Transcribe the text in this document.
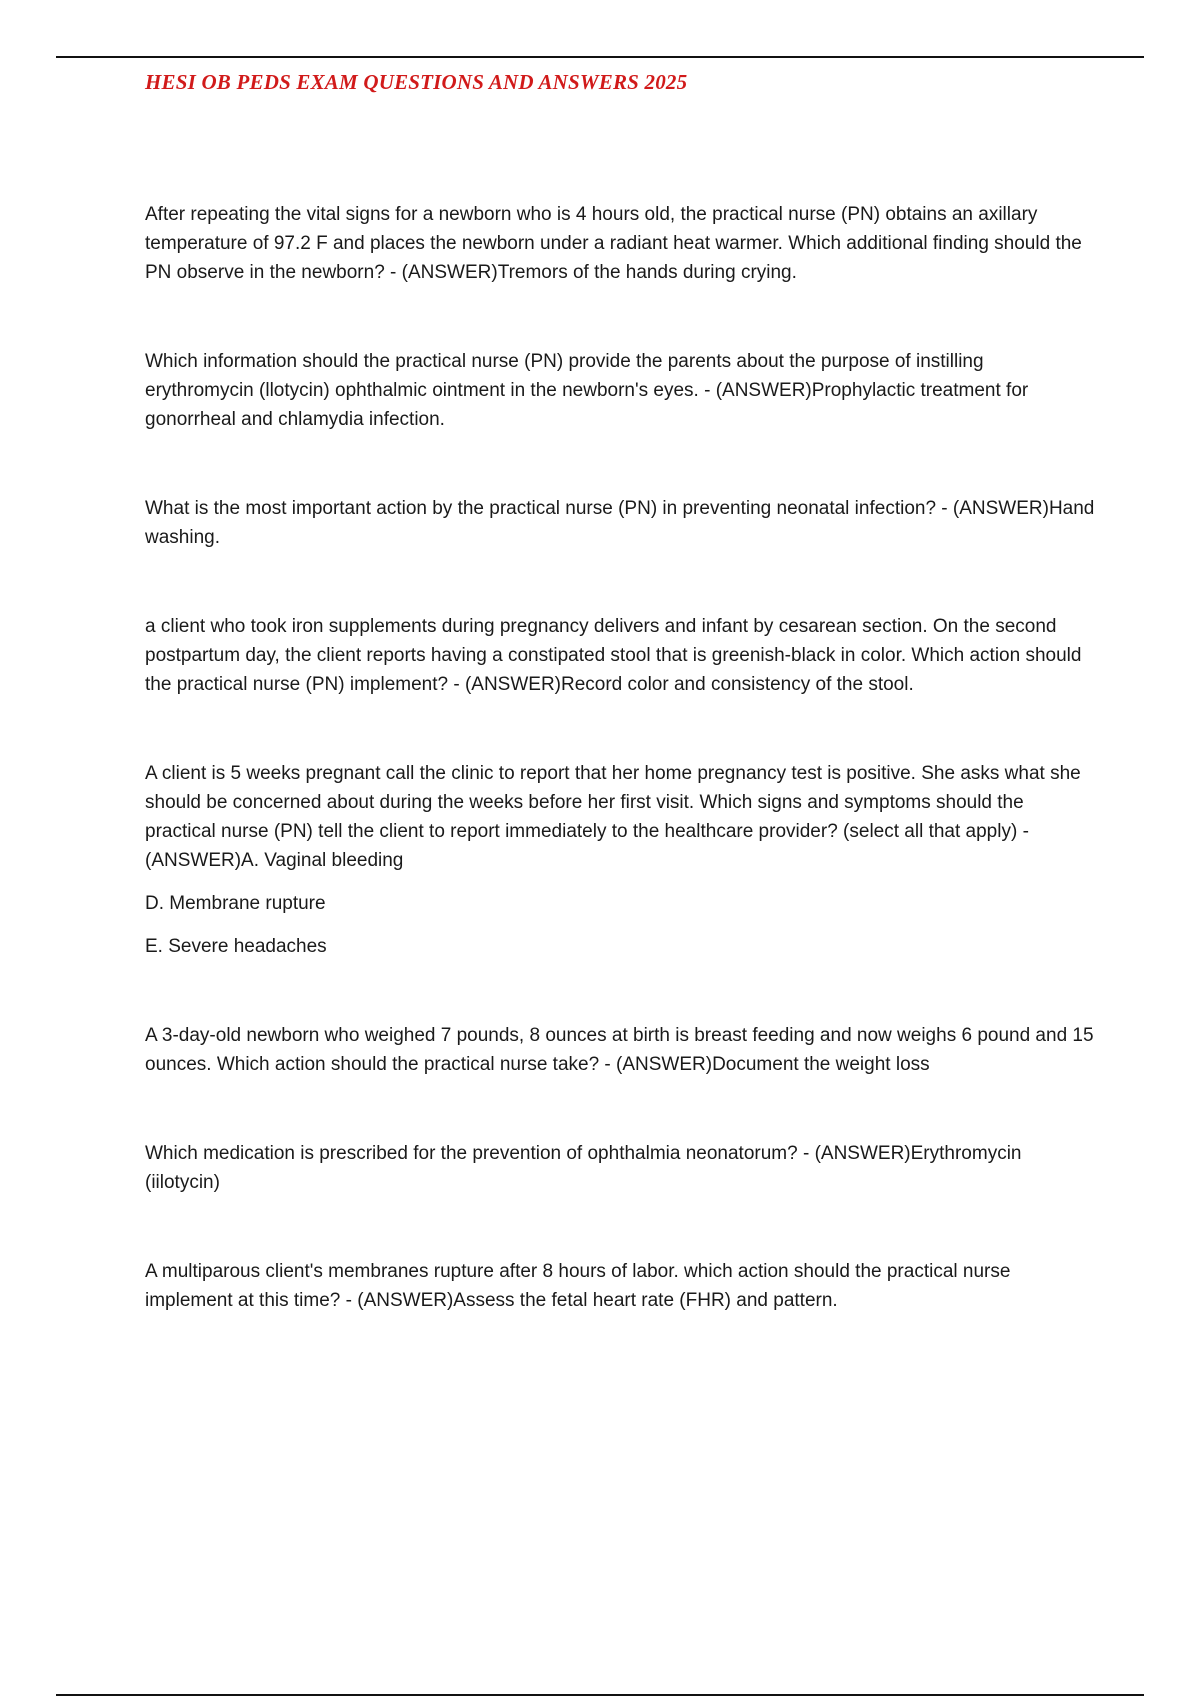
HESI OB PEDS EXAM QUESTIONS AND ANSWERS 2025

After repeating the vital signs for a newborn who is 4 hours old, the practical nurse (PN) obtains an axillary temperature of 97.2 F and places the newborn under a radiant heat warmer. Which additional finding should the PN observe in the newborn? - (ANSWER)Tremors of the hands during crying.

Which information should the practical nurse (PN) provide the parents about the purpose of instilling erythromycin (llotycin) ophthalmic ointment in the newborn's eyes. - (ANSWER)Prophylactic treatment for gonorrheal and chlamydia infection.

What is the most important action by the practical nurse (PN) in preventing neonatal infection? - (ANSWER)Hand washing.

a client who took iron supplements during pregnancy delivers and infant by cesarean section. On the second postpartum day, the client reports having a constipated stool that is greenish-black in color. Which action should the practical nurse (PN) implement? - (ANSWER)Record color and consistency of the stool.

A client is 5 weeks pregnant call the clinic to report that her home pregnancy test is positive. She asks what she should be concerned about during the weeks before her first visit. Which signs and symptoms should the practical nurse (PN) tell the client to report immediately to the healthcare provider? (select all that apply) - (ANSWER)A. Vaginal bleeding

D. Membrane rupture

E. Severe headaches

A 3-day-old newborn who weighed 7 pounds, 8 ounces at birth is breast feeding and now weighs 6 pound and 15 ounces. Which action should the practical nurse take? - (ANSWER)Document the weight loss

Which medication is prescribed for the prevention of ophthalmia neonatorum? - (ANSWER)Erythromycin (iilotycin)

A multiparous client's membranes rupture after 8 hours of labor. which action should the practical nurse implement at this time? - (ANSWER)Assess the fetal heart rate (FHR) and pattern.
